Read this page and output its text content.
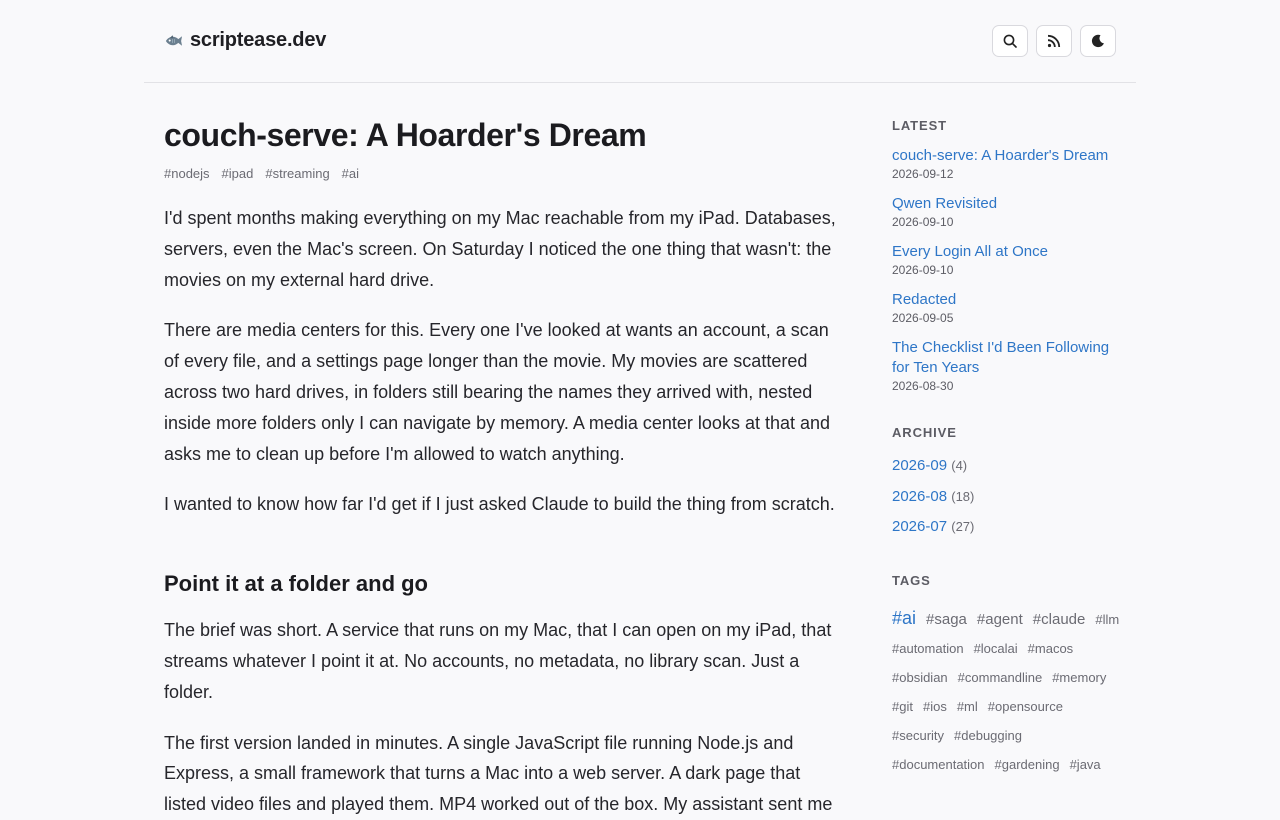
scriptease.dev
couch-serve: A Hoarder's Dream
#nodejs #ipad #streaming #ai

I'd spent months making everything on my Mac reachable from my iPad. Databases, servers, even the Mac's screen. On Saturday I noticed the one thing that wasn't: the movies on my external hard drive.

There are media centers for this. Every one I've looked at wants an account, a scan of every file, and a settings page longer than the movie. My movies are scattered across two hard drives, in folders still bearing the names they arrived with, nested inside more folders only I can navigate by memory. A media center looks at that and asks me to clean up before I'm allowed to watch anything.

I wanted to know how far I'd get if I just asked Claude to build the thing from scratch.

Point it at a folder and go

The brief was short. A service that runs on my Mac, that I can open on my iPad, that streams whatever I point it at. No accounts, no metadata, no library scan. Just a folder.

The first version landed in minutes. A single JavaScript file running Node.js and Express, a small framework that turns a Mac into a web server. A dark page that listed video files and played them. MP4 worked out of the box. My assistant sent me

LATEST
couch-serve: A Hoarder's Dream
2026-09-12
Qwen Revisited
2026-09-10
Every Login All at Once
2026-09-10
Redacted
2026-09-05
The Checklist I'd Been Following for Ten Years
2026-08-30
ARCHIVE
2026-09 (4)
2026-08 (18)
2026-07 (27)
TAGS
#ai #saga #agent #claude #llm
#automation #localai #macos
#obsidian #commandline #memory
#git #ios #ml #opensource
#security #debugging
#documentation #gardening #java
